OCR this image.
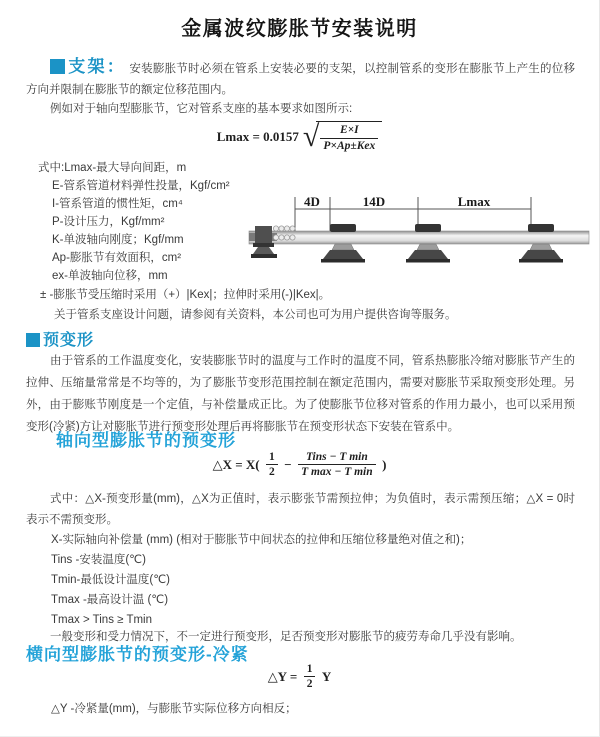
金属波纹膨胀节安装说明

支架： 安装膨胀节时必须在管系上安装必要的支架，以控制管系的变形在膨胀节上产生的位移方向并限制在膨胀节的额定位移范围内。

例如对于轴向型膨胀节，它对管系支座的基本要求如图所示:

Lmax = 0.0157 √ $\frac{E\times I}{\text{P×Ap±Kex}}$
式中:Lmax-最大导向间距，m
E-管系管道材料弹性投量，Kgf/cm²
I-管系管道的惯性矩，cm⁴
P-设计压力，Kgf/mm²
K-单波轴向刚度；Kgf/mm
Ap-膨胀节有效面积，cm²
ex-单波轴向位移，mm
± -膨胀节受压缩时采用（+）|Kex|；拉伸时采用(-)|Kex|。
关于管系支座设计问题，请参阅有关资料，本公司也可为用户提供咨询等服务。
4D	14D	Lmax
预变形

由于管系的工作温度变化，安装膨胀节时的温度与工作时的温度不同，管系热膨胀冷缩对膨胀节产生的拉伸、压缩量常常是不均等的，为了膨胀节变形范围控制在额定范围内，需要对膨胀节采取预变形处理。另外，由于膨账节刚度是一个定值，与补偿量成正比。为了使膨胀节位移对管系的作用力最小，也可以采用预变形(冷紧)方让对膨胀节进行预变形处理后再将膨胀节在预变形状态下安装在管系中。

轴向型膨胀节的预变形
△X = $X( \frac{1}{2} - \frac{\text{Tins − T min}}{\text{T max − T min}}$ )

式中：△X-预变形量(mm)，△X为正值时，表示膨张节需预拉伸；为负值时，表示需预压缩；△X = 0时表示不需预变形。

X-实际轴向补偿量 (mm) (相对于膨胀节中间状态的拉伸和压缩位移量绝对值之和)；
Tins -安装温度(℃)
Tmin-最低设计温度(℃)
Tmax -最高设计温 (℃)
Tmax > Tins ≥ Tmin

一般变形和受力情况下，不一定进行预变形，足否预变形对膨胀节的疲劳寿命几乎没有影响。

横向型膨胀节的预变形-冷紧
△Y = $\frac{1}{2}$ Y

△Y -冷紧量(mm)，与膨胀节实际位移方向相反；
